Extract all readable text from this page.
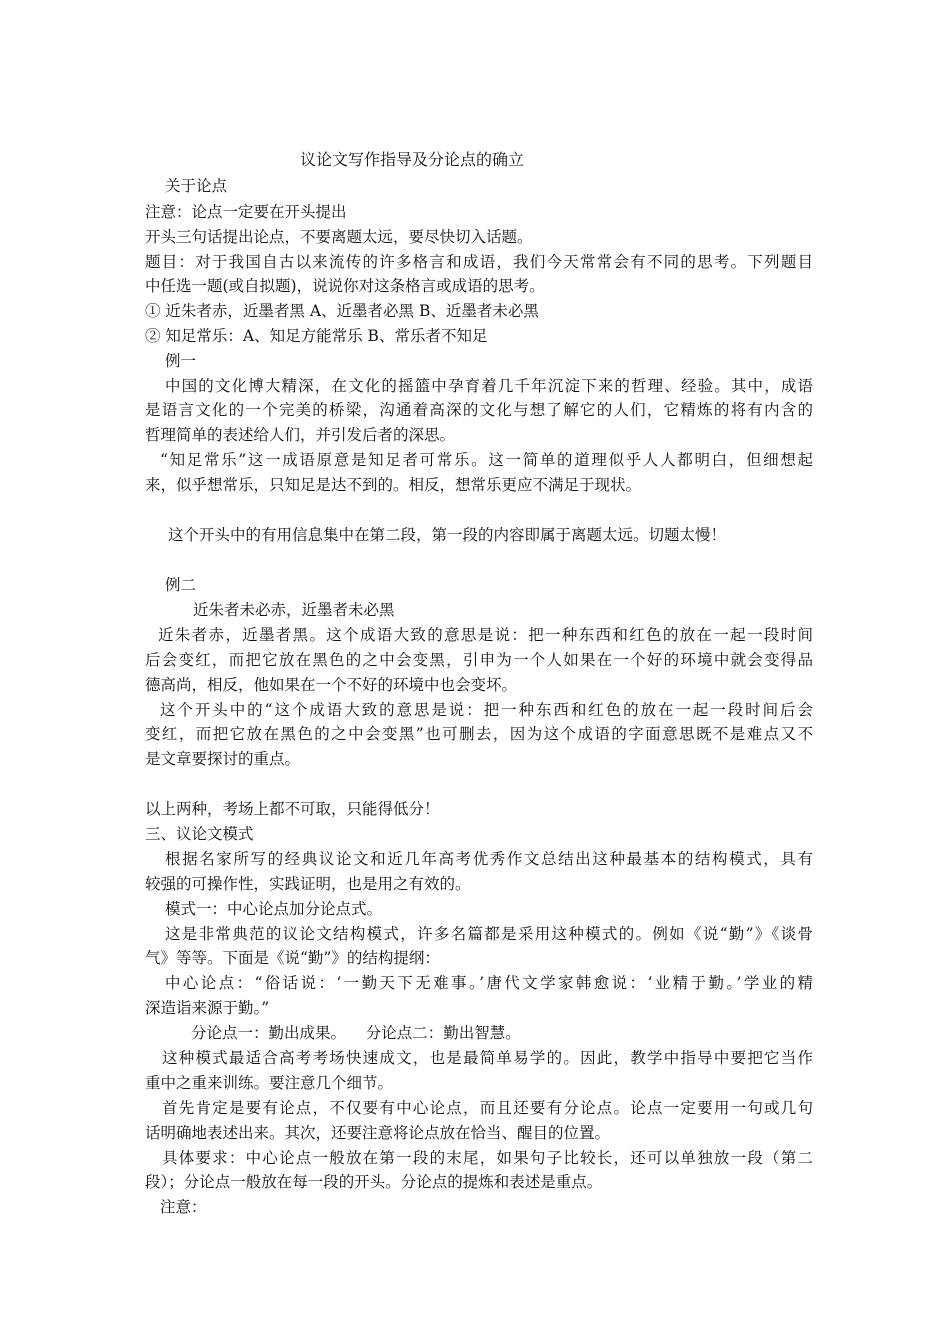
议论文写作指导及分论点的确立
关于论点
注意：论点一定要在开头提出
开头三句话提出论点，不要离题太远，要尽快切入话题。
题目：对于我国自古以来流传的许多格言和成语，我们今天常常会有不同的思考。下列题目
中任选一题(或自拟题)，说说你对这条格言或成语的思考。
① 近朱者赤，近墨者黑 A、近墨者必黑 B、近墨者未必黑
② 知足常乐：A、知足方能常乐 B、常乐者不知足
例一
中国的文化博大精深，在文化的摇篮中孕育着几千年沉淀下来的哲理、经验。其中，成语
是语言文化的一个完美的桥梁，沟通着高深的文化与想了解它的人们，它精炼的将有内含的
哲理简单的表述给人们，并引发后者的深思。
“知足常乐”这一成语原意是知足者可常乐。这一简单的道理似乎人人都明白，但细想起
来，似乎想常乐，只知足是达不到的。相反，想常乐更应不满足于现状。
这个开头中的有用信息集中在第二段，第一段的内容即属于离题太远。切题太慢！
例二
近朱者未必赤，近墨者未必黑
近朱者赤，近墨者黑。这个成语大致的意思是说：把一种东西和红色的放在一起一段时间
后会变红，而把它放在黑色的之中会变黑，引申为一个人如果在一个好的环境中就会变得品
德高尚，相反，他如果在一个不好的环境中也会变坏。
这个开头中的“这个成语大致的意思是说：把一种东西和红色的放在一起一段时间后会
变红，而把它放在黑色的之中会变黑”也可删去，因为这个成语的字面意思既不是难点又不
是文章要探讨的重点。
以上两种，考场上都不可取，只能得低分！
三、议论文模式
根据名家所写的经典议论文和近几年高考优秀作文总结出这种最基本的结构模式，具有
较强的可操作性，实践证明，也是用之有效的。
模式一：中心论点加分论点式。
这是非常典范的议论文结构模式，许多名篇都是采用这种模式的。例如《说“勤”》《谈骨
气》等等。下面是《说“勤”》的结构提纲：
中心论点：“俗话说：‘一勤天下无难事。’唐代文学家韩愈说：‘业精于勤。’学业的精
深造诣来源于勤。”
分论点一：勤出成果。    分论点二：勤出智慧。
这种模式最适合高考考场快速成文，也是最简单易学的。因此，教学中指导中要把它当作
重中之重来训练。要注意几个细节。
首先肯定是要有论点，不仅要有中心论点，而且还要有分论点。论点一定要用一句或几句
话明确地表述出来。其次，还要注意将论点放在恰当、醒目的位置。
具体要求：中心论点一般放在第一段的末尾，如果句子比较长，还可以单独放一段（第二
段）；分论点一般放在每一段的开头。分论点的提炼和表述是重点。
注意：
